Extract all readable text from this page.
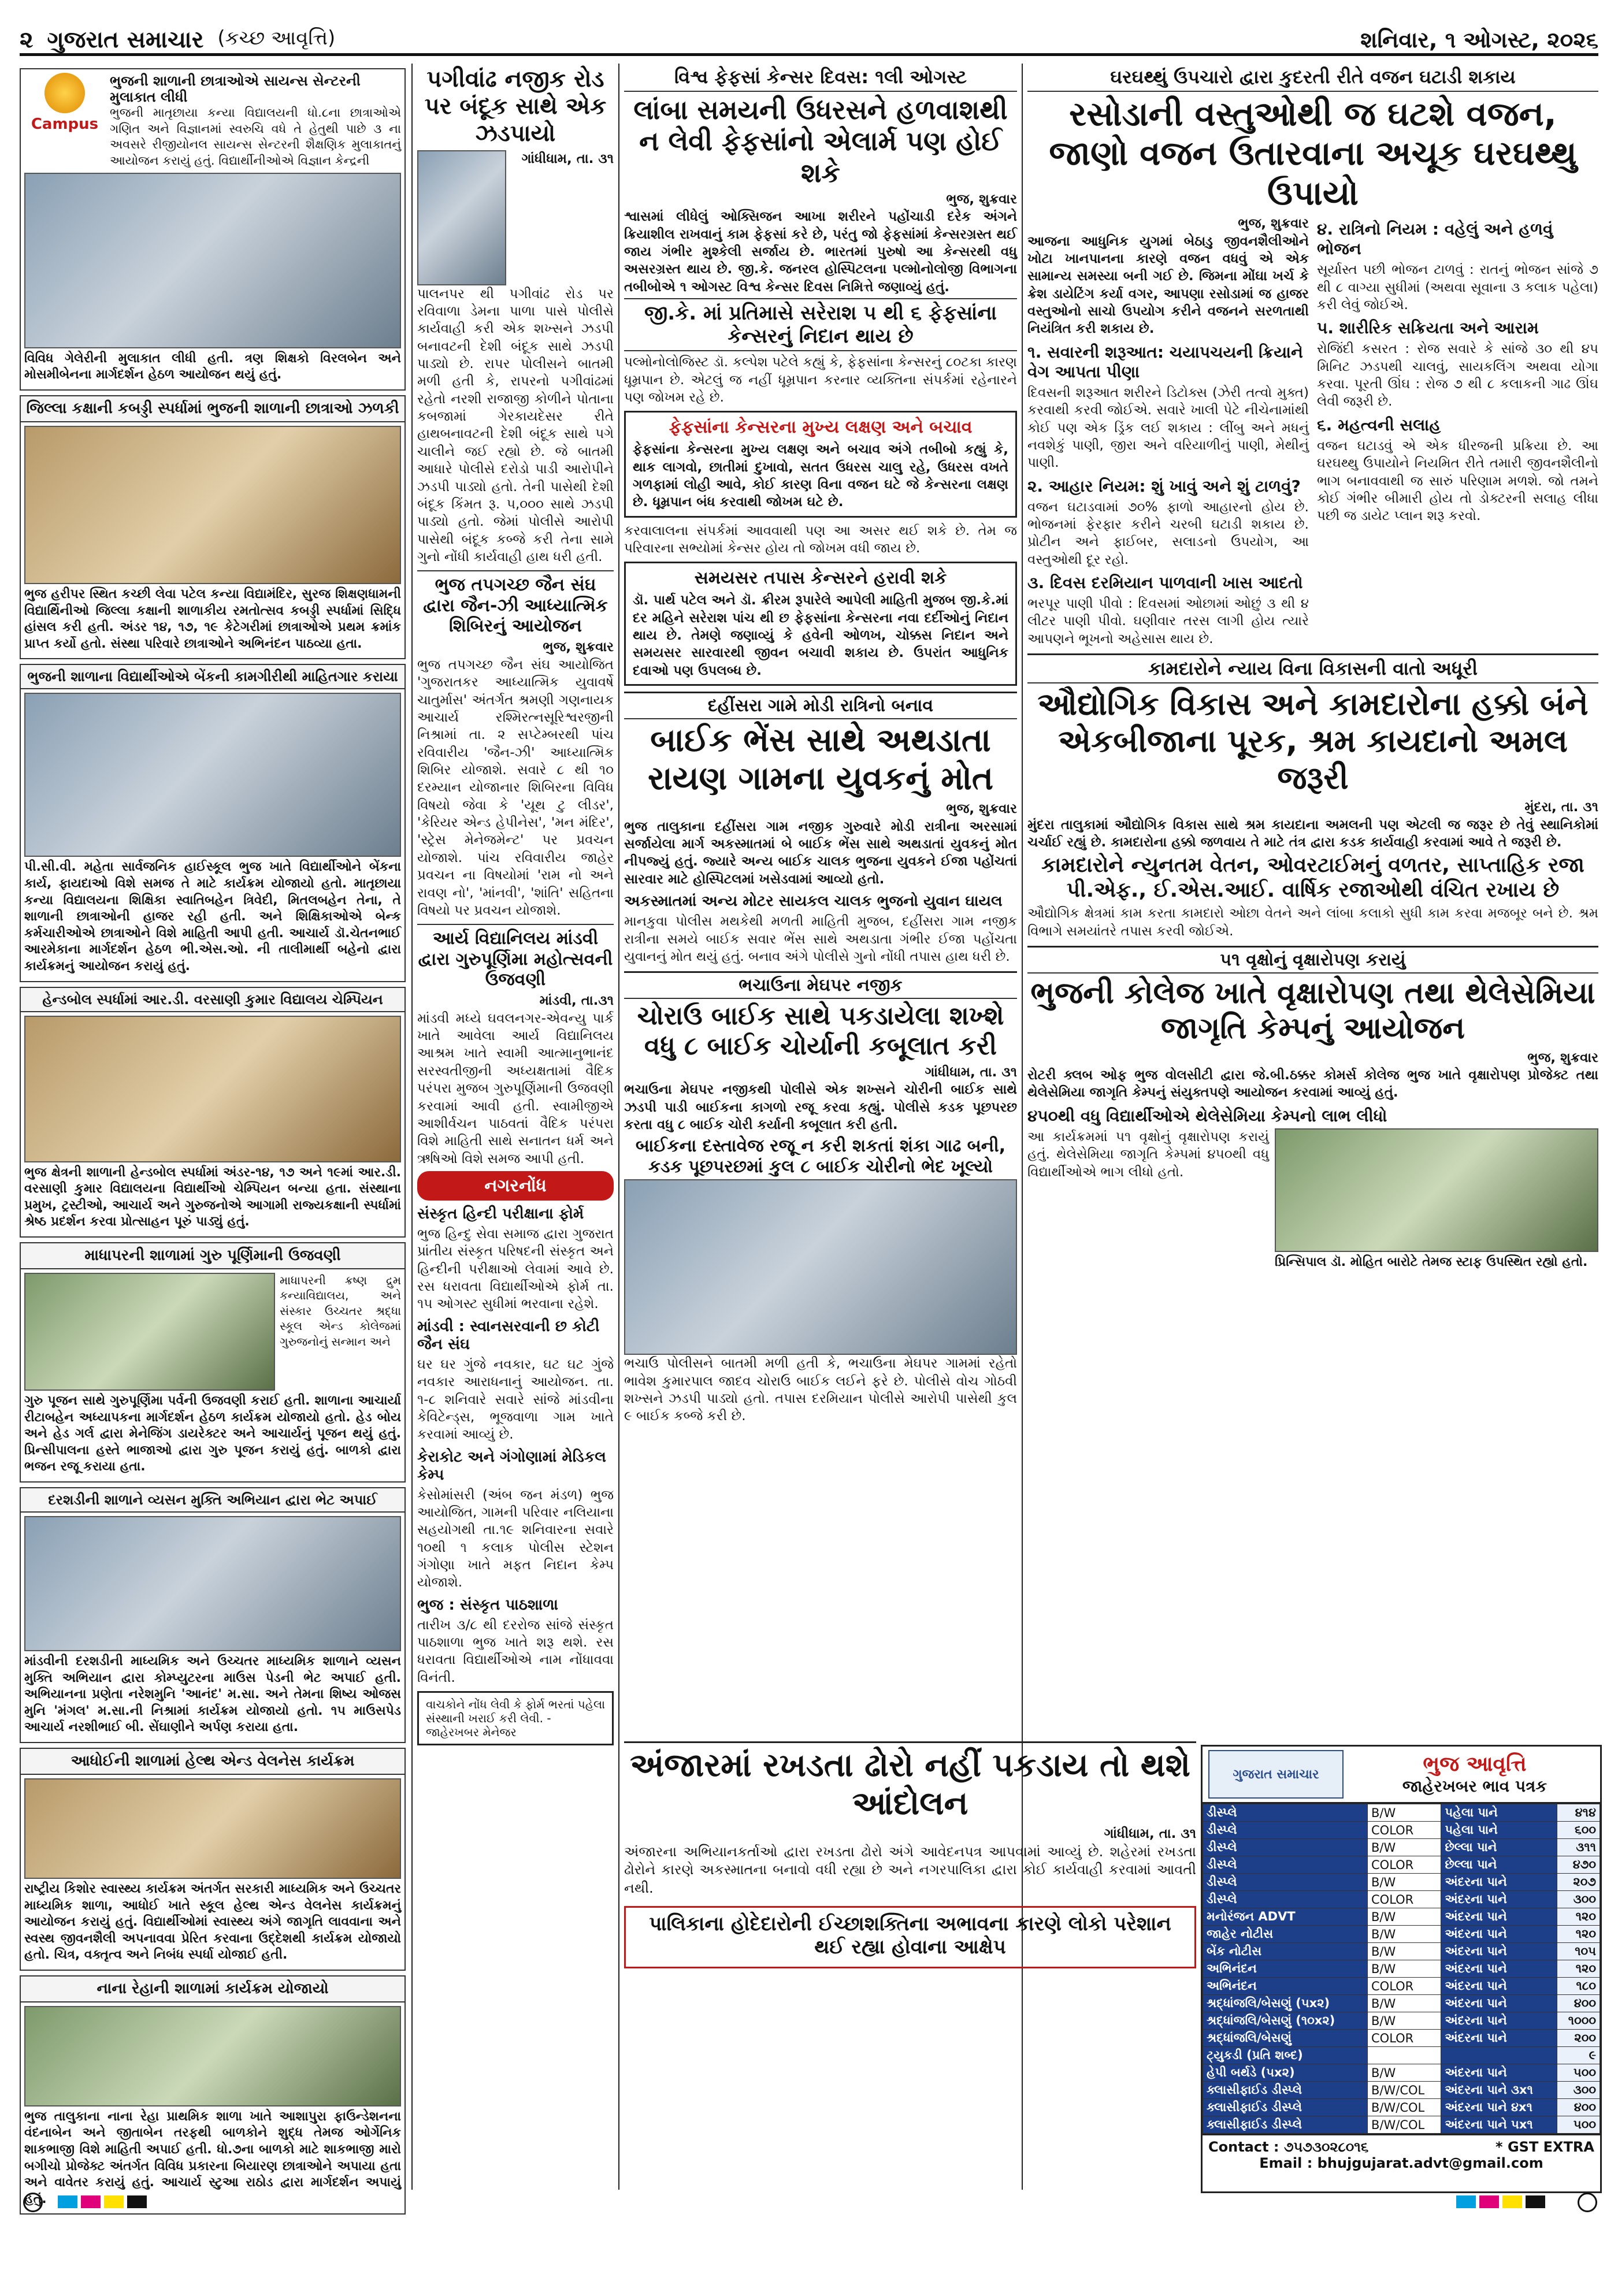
૨ ગુજરાત સમાચાર (કચ્છ આવૃત્તિ)	શનિવાર, ૧ ઓગસ્ટ, ૨૦૨૬
Campus
ભુજની શાળાની છાત્રાઓએ સાયન્સ સેન્ટરની મુલાકાત લીધી
ભુજની માતૃછાયા કન્યા વિદ્યાલયની ધો.૮ના છાત્રાઓએ ગણિત અને વિજ્ઞાનમાં સ્વરુચિ વધે તે હેતુથી પાછે ૩ ના અવસરે રીજીયોનલ સાયન્સ સેન્ટરની શૈક્ષણિક મુલાકાતનું આયોજન કરાયું હતું. વિદ્યાર્થીનીઓએ વિજ્ઞાન કેન્દ્રની
વિવિધ ગેલેરીની મુલાકાત લીધી હતી. ત્રણ શિક્ષકો વિરલબેન અને મોસમીબેનના માર્ગદર્શન હેઠળ આયોજન થયું હતું.
જિલ્લા કક્ષાની કબડ્ડી સ્પર્ધામાં ભુજની શાળાની છાત્રાઓ ઝળકી
ભુજ હરીપર સ્થિત કચ્છી લેવા પટેલ કન્યા વિદ્યામંદિર, સુરજ શિક્ષણધામની વિદ્યાર્થિનીઓ જિલ્લા કક્ષાની શાળાકીય રમતોત્સવ કબડ્ડી સ્પર્ધામાં સિદ્ધિ હાંસલ કરી હતી. અંડર ૧૪, ૧૭, ૧૯ કેટેગરીમાં છાત્રાઓએ પ્રથમ ક્રમાંક પ્રાપ્ત કર્યો હતો. સંસ્થા પરિવારે છાત્રાઓને અભિનંદન પાઠવ્યા હતા.
ભુજની શાળાના વિદ્યાર્થીઓએ બેંકની કામગીરીથી માહિતગાર કરાયા
પી.સી.વી. મહેતા સાર્વજનિક હાઈસ્કૂલ ભુજ ખાતે વિદ્યાર્થીઓને બેંકના કાર્ય, ફાયદાઓ વિશે સમજ તે માટે કાર્યક્રમ યોજાયો હતો. માતૃછાયા કન્યા વિદ્યાલયના શિક્ષિકા સ્વાતિબહેન ત્રિવેદી, મિતલબહેન તેના, તે શાળાની છાત્રાઓની હાજર રહી હતી. અને શિક્ષિકાઓએ બેન્ક કર્મચારીઓએ છાત્રાઓને વિશે માહિતી આપી હતી. આચાર્ય ડૉ.ચેતનભાઈ આરમેકાના માર્ગદર્શન હેઠળ ભી.એસ.ઓ. ની તાલીમાર્થી બહેનો દ્વારા કાર્યક્રમનું આયોજન કરાયું હતું.
હેન્ડબોલ સ્પર્ધામાં આર.ડી. વરસાણી કુમાર વિદ્યાલય ચેમ્પિયન
ભુજ ક્ષેત્રની શાળાની હેન્ડબોલ સ્પર્ધામાં અંડર-૧૪, ૧૭ અને ૧૯માં આર.ડી. વરસાણી કુમાર વિદ્યાલયના વિદ્યાર્થીઓ ચેમ્પિયન બન્યા હતા. સંસ્થાના પ્રમુખ, ટ્રસ્ટીઓ, આચાર્ય અને ગુરુજનોએ આગામી રાજ્યકક્ષાની સ્પર્ધામાં શ્રેષ્ઠ પ્રદર્શન કરવા પ્રોત્સાહન પૂરું પાડ્યું હતું.
માધાપરની શાળામાં ગુરુ પૂર્ણિમાની ઉજવણી
માધાપરની ક્રષ્ણ દ્રુમ કન્યાવિદ્યાલય, અને સંસ્કાર ઉચ્ચતર શ્રદ્ધા સ્કૂલ એન્ડ કોલેજમાં ગુરુજનોનું સન્માન અને
ગુરુ પૂજન સાથે ગુરુપૂર્ણિમા પર્વની ઉજવણી કરાઈ હતી. શાળાના આચાર્યા રીટાબહેન અધ્યાપકના માર્ગદર્શન હેઠળ કાર્યક્રમ યોજાયો હતો. હેડ બોય અને હેડ ગર્લ દ્વારા મેનેજિંગ ડાયરેક્ટર અને આચાર્યનું પૂજન થયું હતું. પ્રિન્સીપાલના હસ્તે ભાજાઓ દ્વારા ગુરુ પૂજન કરાયું હતું. બાળકો દ્વારા ભજન રજૂ કરાયા હતા.
દરશડીની શાળાને વ્યસન મુક્તિ અભિયાન દ્વારા ભેટ અપાઈ
માંડવીની દરશડીની માધ્યમિક અને ઉચ્ચતર માધ્યમિક શાળાને વ્યસન મુક્તિ અભિયાન દ્વારા કોમ્પ્યુટરના માઉસ પેડની ભેટ અપાઈ હતી. અભિયાનના પ્રણેતા નરેશમુનિ 'આનંદ' મ.સા. અને તેમના શિષ્ય ઓજસ મુનિ 'મંગલ' મ.સા.ની નિશ્રામાં કાર્યક્રમ યોજાયો હતો. ૧૫ માઉસપેડ આચાર્ય નરશીભાઈ બી. સેંઘાણીને અર્પણ કરાયા હતા.
આધોઈની શાળામાં હેલ્થ એન્ડ વેલનેસ કાર્યક્રમ
રાષ્ટ્રીય કિશોર સ્વાસ્થ્ય કાર્યક્રમ અંતર્ગત સરકારી માધ્યમિક અને ઉચ્ચતર માધ્યમિક શાળા, આધોઈ ખાતે સ્કૂલ હેલ્થ એન્ડ વેલનેસ કાર્યક્રમનું આયોજન કરાયું હતું. વિદ્યાર્થીઓમાં સ્વાસ્થ્ય અંગે જાગૃતિ લાવવાના અને સ્વસ્થ જીવનશૈલી અપનાવવા પ્રેરિત કરવાના ઉદ્દેશથી કાર્યક્રમ યોજાયો હતો. ચિત્ર, વક્તૃત્વ અને નિબંધ સ્પર્ધા યોજાઈ હતી.
નાના રેહાની શાળામાં કાર્યક્રમ યોજાયો
ભુજ તાલુકાના નાના રેહા પ્રાથમિક શાળા ખાતે આશાપુરા ફાઉન્ડેશનના વંદનાબેન અને જીતાબેન તરફથી બાળકોને શુદ્ધ તેમજ ઓર્ગેનિક શાકભાજી વિશે માહિતી અપાઈ હતી. ધો.૭ના બાળકો માટે શાકભાજી મારો બગીચો પ્રોજેક્ટ અંતર્ગત વિવિધ પ્રકારના બિયારણ છાત્રાઓને અપાયા હતા અને વાવેતર કરાયું હતું. આચાર્ય સ્ટુઆ રાઠોડ દ્વારા માર્ગદર્શન અપાયું હતું.
પગીવાંઢ નજીક રોડ પર બંદૂક સાથે એક ઝડપાયો
ગાંધીધામ, તા. ૩૧
પાલનપર થી પગીવાંઢ રોડ પર રવિવાળા ડેમના પાળા પાસે પોલીસે કાર્યવાહી કરી એક શખ્સને ઝડપી બનાવટની દેશી બંદૂક સાથે ઝડપી પાડ્યો છે. રાપર પોલીસને બાતમી મળી હતી કે, રાપરનો પગીવાંઢમાં રહેતો નરશી રાજાજી કોળીને પોતાના કબજામાં ગેરકાયદેસર રીતે હાથબનાવટની દેશી બંદૂક સાથે પગે ચાલીને જઈ રહ્યો છે. જે બાતમી આધારે પોલીસે દરોડો પાડી આરોપીને ઝડપી પાડ્યો હતો. તેની પાસેથી દેશી બંદૂક કિંમત રૂ. ૫,૦૦૦ સાથે ઝડપી પાડ્યો હતો. જેમાં પોલીસે આરોપી પાસેથી બંદૂક કબ્જે કરી તેના સામે ગુનો નોંધી કાર્યવાહી હાથ ધરી હતી.
ભુજ તપગચ્છ જૈન સંઘ દ્વારા જૈન-ઝી આધ્યાત્મિક શિબિરનું આયોજન
ભુજ, શુક્રવાર
ભુજ તપગચ્છ જૈન સંઘ આયોજિત 'ગુજરાતકર આધ્યાત્મિક યુવાવર્ષે ચાતુર્માસ' અંતર્ગત શ્રમણી ગણનાયક આચાર્ય રશ્મિરત્નસૂરિશ્વરજીની નિશ્રામાં તા. ૨ સપ્ટેમ્બરથી પાંચ રવિવારીય 'જૈન-ઝી' આધ્યાત્મિક શિબિર યોજાશે. સવારે ૮ થી ૧૦ દરમ્યાન યોજાનાર શિબિરના વિવિધ વિષયો જેવા કે 'યૂથ ટુ લીડર', 'કેરિયર એન્ડ હેપીનેસ', 'મન મંદિર', 'સ્ટ્રેસ મેનેજમેન્ટ' પર પ્રવચન યોજાશે. પાંચ રવિવારીય જાહેર પ્રવચન ના વિષયોમાં 'રામ નો અને રાવણ નો', 'માંનવી', 'શાંતિ' સહિતના વિષયો પર પ્રવચન યોજાશે.
આર્ય વિદ્યાનિલય માંડવી દ્વારા ગુરુપૂર્ણિમા મહોત્સવની ઉજવણી
માંડવી, તા.૩૧
માંડવી મધ્યે ઘવલનગર-એવન્યુ પાર્ક ખાતે આવેલા આર્ય વિદ્યાનિલય આશ્રમ ખાતે સ્વામી આત્માનુભાનંદ સરસ્વતીજીની અધ્યક્ષતામાં વૈદિક પરંપરા મુજબ ગુરુપૂર્ણિમાની ઉજવણી કરવામાં આવી હતી. સ્વામીજીએ આશીર્વચન પાઠવતાં વૈદિક પરંપરા વિશે માહિતી સાથે સનાતન ધર્મ અને ઋષિઓ વિશે સમજ આપી હતી.
નગરનોંધ
સંસ્કૃત હિન્દી પરીક્ષાના ફોર્મ
ભુજ હિન્દુ સેવા સમાજ દ્વારા ગુજરાત પ્રાંતીય સંસ્કૃત પરિષદની સંસ્કૃત અને હિન્દીની પરીક્ષાઓ લેવામાં આવે છે. રસ ધરાવતા વિદ્યાર્થીઓએ ફોર્મ તા. ૧૫ ઓગસ્ટ સુધીમાં ભરવાના રહેશે.
માંડવી : સ્વાનસરવાની છ કોટી જૈન સંઘ
ઘર ઘર ગુંજે નવકાર, ઘટ ઘટ ગુંજે નવકાર આરાધનાનું આયોજન. તા. ૧-૮ શનિવારે સવારે સાંજે માંડવીના કેવિટેન્ડ્સ, ભૂજવાળા ગામ ખાતે કરવામાં આવ્યું છે.
કેરાકોટ અને ગંગોણામાં મેડિકલ કેમ્પ
કેસોમાંસરી (અંબ જન મંડળ) ભુજ આયોજિત, ગામની પરિવાર નલિયાના સહયોગથી તા.૧૯ શનિવારના સવારે ૧૦થી ૧ કલાક પોલીસ સ્ટેશન ગંગોણા ખાતે મફત નિદાન કેમ્પ યોજાશે.
ભુજ : સંસ્કૃત પાઠશાળા
તારીખ ૩/૮ થી દરરોજ સાંજે સંસ્કૃત પાઠશાળા ભુજ ખાતે શરૂ થશે. રસ ધરાવતા વિદ્યાર્થીઓએ નામ નોંધાવવા વિનંતી.
વાચકોને નોંધ લેવી કે ફોર્મ ભરતાં પહેલા સંસ્થાની ખરાઈ કરી લેવી. - જાહેરખબર મેનેજર
વિશ્વ ફેફસાં કેન્સર દિવસ: ૧લી ઓગસ્ટ
લાંબા સમયની ઉધરસને હળવાશથી ન લેવી ફેફસાંનો એલાર્મ પણ હોઈ શકે
ભુજ, શુક્રવાર
શ્વાસમાં લીધેલું ઓક્સિજન આખા શરીરને પહોંચાડી દરેક અંગને ક્રિયાશીલ રાખવાનું કામ ફેફસાં કરે છે, પરંતુ જો ફેફસાંમાં કેન્સરગ્રસ્ત થઈ જાય ગંભીર મુશ્કેલી સર્જાય છે. ભારતમાં પુરુષો આ કેન્સરથી વધુ અસરગ્રસ્ત થાય છે. જી.કે. જનરલ હોસ્પિટલના પલ્મોનોલોજી વિભાગના તબીબોએ ૧ ઓગસ્ટ વિશ્વ કેન્સર દિવસ નિમિત્તે જણાવ્યું હતું.
જી.કે. માં પ્રતિમાસે સરેરાશ ૫ થી ૬ ફેફસાંના કેન્સરનું નિદાન થાય છે
પલ્મોનોલોજિસ્ટ ડૉ. કલ્પેશ પટેલે કહ્યું કે, ફેફસાંના કેન્સરનું ૮૦ટકા કારણ ધૂમ્રપાન છે. એટલું જ નહીં ધૂમ્રપાન કરનાર વ્યક્તિના સંપર્કમાં રહેનારને પણ જોખમ રહે છે.
ફેફસાંના કેન્સરના મુખ્ય લક્ષણ અને બચાવ
ફેફસાંના કેન્સરના મુખ્ય લક્ષણ અને બચાવ અંગે તબીબો કહ્યું કે, થાક લાગવો, છાતીમાં દુખાવો, સતત ઉધરસ ચાલુ રહે, ઉધરસ વખતે ગળફામાં લોહી આવે, કોઈ કારણ વિના વજન ઘટે જે કેન્સરના લક્ષણ છે. ધૂમ્રપાન બંધ કરવાથી જોખમ ઘટે છે.
કરવાલાલના સંપર્કમાં આવવાથી પણ આ અસર થઈ શકે છે. તેમ જ પરિવારના સભ્યોમાં કેન્સર હોય તો જોખમ વધી જાય છે.
સમયસર તપાસ કેન્સરને હરાવી શકે
ડૉ. પાર્થ પટેલ અને ડૉ. ક્રીરમ રૂપારેલે આપેલી માહિતી મુજબ જી.કે.માં દર મહિને સરેરાશ પાંચ થી છ ફેફસાંના કેન્સરના નવા દર્દીઓનું નિદાન થાય છે. તેમણે જણાવ્યું કે હવેની ઓળખ, ચોક્કસ નિદાન અને સમયસર સારવારથી જીવન બચાવી શકાય છે. ઉપરાંત આધુનિક દવાઓ પણ ઉપલબ્ધ છે.
દહીંસરા ગામે મોડી રાત્રિનો બનાવ
બાઈક ભેંસ સાથે અથડાતા રાયણ ગામના યુવકનું મોત
ભુજ, શુક્રવાર
ભુજ તાલુકાના દહીંસરા ગામ નજીક ગુરુવારે મોડી રાત્રીના અરસામાં સર્જાયેલા માર્ગ અકસ્માતમાં બે બાઈક ભેંસ સાથે અથડાતાં યુવકનું મોત નીપજ્યું હતું. જ્યારે અન્ય બાઈક ચાલક ભુજના યુવકને ઈજા પહોંચતાં સારવાર માટે હોસ્પિટલમાં ખસેડવામાં આવ્યો હતો.
અકસ્માતમાં અન્ય મોટર સાયકલ ચાલક ભુજનો યુવાન ઘાયલ
માનકુવા પોલીસ મથકેથી મળતી માહિતી મુજબ, દહીંસરા ગામ નજીક રાત્રીના સમયે બાઈક સવાર ભેંસ સાથે અથડાતા ગંભીર ઈજા પહોંચતા યુવાનનું મોત થયું હતું. બનાવ અંગે પોલીસે ગુનો નોંધી તપાસ હાથ ધરી છે.
ભચાઉના મેઘપર નજીક
ચોરાઉ બાઈક સાથે પકડાયેલા શખ્શે વધુ ૮ બાઈક ચોર્યાની કબૂલાત કરી
ગાંધીધામ, તા. ૩૧
ભચાઉના મેઘપર નજીકથી પોલીસે એક શખ્સને ચોરીની બાઈક સાથે ઝડપી પાડી બાઈકના કાગળો રજૂ કરવા કહ્યું. પોલીસે કડક પૂછપરછ કરતા વધુ ૮ બાઈક ચોરી કર્યાની કબૂલાત કરી હતી.
બાઈકના દસ્તાવેજ રજૂ ન કરી શકતાં શંકા ગાઢ બની, કડક પૂછપરછમાં કુલ ૮ બાઈક ચોરીનો ભેદ ખૂલ્યો
ભચાઉ પોલીસને બાતમી મળી હતી કે, ભચાઉના મેઘપર ગામમાં રહેતો ભાવેશ કુમારપાલ જાદવ ચોરાઉ બાઈક લઈને ફરે છે. પોલીસે વોચ ગોઠવી શખ્સને ઝડપી પાડ્યો હતો. તપાસ દરમિયાન પોલીસે આરોપી પાસેથી કુલ ૯ બાઈક કબ્જે કરી છે.
ઘરઘથ્થું ઉપચારો દ્વારા કુદરતી રીતે વજન ઘટાડી શકાય
રસોડાની વસ્તુઓથી જ ઘટશે વજન, જાણો વજન ઉતારવાના અચૂક ઘરઘથ્થુ ઉપાયો
ભુજ, શુક્રવાર
આજના આધુનિક યુગમાં બેઠાડુ જીવનશૈલીઓને ખોટા ખાનપાનના કારણે વજન વધવું એ એક સામાન્ય સમસ્યા બની ગઈ છે. જિમના મોંઘા ખર્ચ કે ક્રેશ ડાયેટિંગ કર્યા વગર, આપણા રસોડામાં જ હાજર વસ્તુઓનો સાચો ઉપયોગ કરીને વજનને સરળતાથી નિયંત્રિત કરી શકાય છે.
૧. સવારની શરૂઆત: ચયાપચયની ક્રિયાને વેગ આપતા પીણા
દિવસની શરૂઆત શરીરને ડિટોક્સ (ઝેરી તત્વો મુક્ત) કરવાથી કરવી જોઈએ. સવારે ખાલી પેટે નીચેનામાંથી કોઈ પણ એક ડ્રિંક લઈ શકાય : લીંબુ અને મધનું નવશેકું પાણી, જીરા અને વરિયાળીનું પાણી, મેથીનું પાણી.
૨. આહાર નિયમ: શું ખાવું અને શું ટાળવું?
વજન ઘટાડવામાં ૭૦% ફાળો આહારનો હોય છે. ભોજનમાં ફેરફાર કરીને ચરબી ઘટાડી શકાય છે. પ્રોટીન અને ફાઈબર, સલાડનો ઉપયોગ, આ વસ્તુઓથી દૂર રહો.
૩. દિવસ દરમિયાન પાળવાની ખાસ આદતો
ભરપૂર પાણી પીવો : દિવસમાં ઓછામાં ઓછું ૩ થી ૪ લીટર પાણી પીવો. ઘણીવાર તરસ લાગી હોય ત્યારે આપણને ભૂખનો અહેસાસ થાય છે.
૪. રાત્રિનો નિયમ : વહેલું અને હળવું ભોજન
સૂર્યાસ્ત પછી ભોજન ટાળવું : રાતનું ભોજન સાંજે ૭ થી ૮ વાગ્યા સુધીમાં (અથવા સૂવાના ૩ કલાક પહેલા) કરી લેવું જોઈએ.
૫. શારીરિક સક્રિયતા અને આરામ
રોજિંદી કસરત : રોજ સવારે કે સાંજે ૩૦ થી ૪૫ મિનિટ ઝડપથી ચાલવું, સાયકલિંગ અથવા યોગા કરવા. પૂરતી ઊંઘ : રોજ ૭ થી ૮ કલાકની ગાઢ ઊંઘ લેવી જરૂરી છે.
૬. મહત્વની સલાહ
વજન ઘટાડવું એ એક ધીરજની પ્રક્રિયા છે. આ ઘરઘથ્થુ ઉપાયોને નિયમિત રીતે તમારી જીવનશૈલીનો ભાગ બનાવવાથી જ સારું પરિણામ મળશે. જો તમને કોઈ ગંભીર બીમારી હોય તો ડોક્ટરની સલાહ લીધા પછી જ ડાયેટ પ્લાન શરૂ કરવો.
કામદારોને ન્યાય વિના વિકાસની વાતો અધૂરી
ઔદ્યોગિક વિકાસ અને કામદારોના હક્કો બંને એકબીજાના પૂરક, શ્રમ કાયદાનો અમલ જરૂરી
મુંદરા, તા. ૩૧
મુંદરા તાલુકામાં ઔદ્યોગિક વિકાસ સાથે શ્રમ કાયદાના અમલની પણ એટલી જ જરૂર છે તેવું સ્થાનિકોમાં ચર્ચાઈ રહ્યું છે. કામદારોના હક્કો જળવાય તે માટે તંત્ર દ્વારા કડક કાર્યવાહી કરવામાં આવે તે જરૂરી છે.
કામદારોને ન્યુનતમ વેતન, ઓવરટાઈમનું વળતર, સાપ્તાહિક રજા પી.એફ., ઈ.એસ.આઈ. વાર્ષિક રજાઓથી વંચિત રખાય છે
ઔદ્યોગિક ક્ષેત્રમાં કામ કરતા કામદારો ઓછા વેતને અને લાંબા કલાકો સુધી કામ કરવા મજબૂર બને છે. શ્રમ વિભાગે સમયાંતરે તપાસ કરવી જોઈએ.
૫૧ વૃક્ષોનું વૃક્ષારોપણ કરાયું
ભુજની કોલેજ ખાતે વૃક્ષારોપણ તથા થેલેસેમિયા જાગૃતિ કેમ્પનું આયોજન
ભુજ, શુક્રવાર
રોટરી ક્લબ ઓફ ભુજ વોલસીટી દ્વારા જે.બી.ઠક્કર કોમર્સ કોલેજ ભુજ ખાતે વૃક્ષારોપણ પ્રોજેક્ટ તથા થેલેસેમિયા જાગૃતિ કેમ્પનું સંયુક્તપણે આયોજન કરવામાં આવ્યું હતું.
૪૫૦થી વધુ વિદ્યાર્થીઓએ થેલેસેમિયા કેમ્પનો લાભ લીધો
આ કાર્યક્રમમાં ૫૧ વૃક્ષોનું વૃક્ષારોપણ કરાયું હતું. થેલેસેમિયા જાગૃતિ કેમ્પમાં ૪૫૦થી વધુ વિદ્યાર્થીઓએ ભાગ લીધો હતો.
પ્રિન્સિપાલ ડૉ. મોહિત બારોટે તેમજ સ્ટાફ ઉપસ્થિત રહ્યો હતો.
અંજારમાં રખડતા ઢોરો નહીં પકડાય તો થશે આંદોલન
ગાંધીધામ, તા. ૩૧
અંજારના અભિયાનકર્તાઓ દ્વારા રખડતા ઢોરો અંગે આવેદનપત્ર આપવામાં આવ્યું છે. શહેરમાં રખડતા ઢોરોને કારણે અકસ્માતના બનાવો વધી રહ્યા છે અને નગરપાલિકા દ્વારા કોઈ કાર્યવાહી કરવામાં આવતી નથી.
પાલિકાના હોદેદારોની ઈચ્છાશક્તિના અભાવના કારણે લોકો પરેશાન થઈ રહ્યા હોવાના આક્ષેપ
ગુજરાત સમાચાર	ભુજ આવૃત્તિ
જાહેરખબર ભાવ પત્રક
ડીસ્પ્લે	B/W	પહેલા પાને	૪૧૪
ડીસ્પ્લે	COLOR	પહેલા પાને	૬૦૦
ડીસ્પ્લે	B/W	છેલ્લા પાને	૩૧૧
ડીસ્પ્લે	COLOR	છેલ્લા પાને	૪૭૦
ડીસ્પ્લે	B/W	અંદરના પાને	૨૦૭
ડીસ્પ્લે	COLOR	અંદરના પાને	૩૦૦
મનોરંજન ADVT	B/W	અંદરના પાને	૧૨૦
જાહેર નોટીસ	B/W	અંદરના પાને	૧૨૦
બેંક નોટીસ	B/W	અંદરના પાને	૧૦૫
અભિનંદન	B/W	અંદરના પાને	૧૨૦
અભિનંદન	COLOR	અંદરના પાને	૧૮૦
શ્રદ્ધાંજલિ/બેસણું (૫x૨)	B/W	અંદરના પાને	૪૦૦
શ્રદ્ધાંજલિ/બેસણું (૧૦x૨)	B/W	અંદરના પાને	૧૦૦૦
શ્રદ્ધાંજલિ/બેસણું	COLOR	અંદરના પાને	૨૦૦
ટ્યુકડી (પ્રતિ શબ્દ)			૯
હેપી બર્થડે (૫x૨)	B/W	અંદરના પાને	૫૦૦
ક્લાસીફાઈડ ડીસ્પ્લે	B/W/COL	અંદરના પાને ૩x૧	૩૦૦
ક્લાસીફાઈડ ડીસ્પ્લે	B/W/COL	અંદરના પાને ૪x૧	૪૦૦
ક્લાસીફાઈડ ડીસ્પ્લે	B/W/COL	અંદરના પાને ૫x૧	૫૦૦
Contact : ૭૫૭૩૦૨૮૦૧૬	* GST EXTRA
Email : bhujgujarat.advt@gmail.com
